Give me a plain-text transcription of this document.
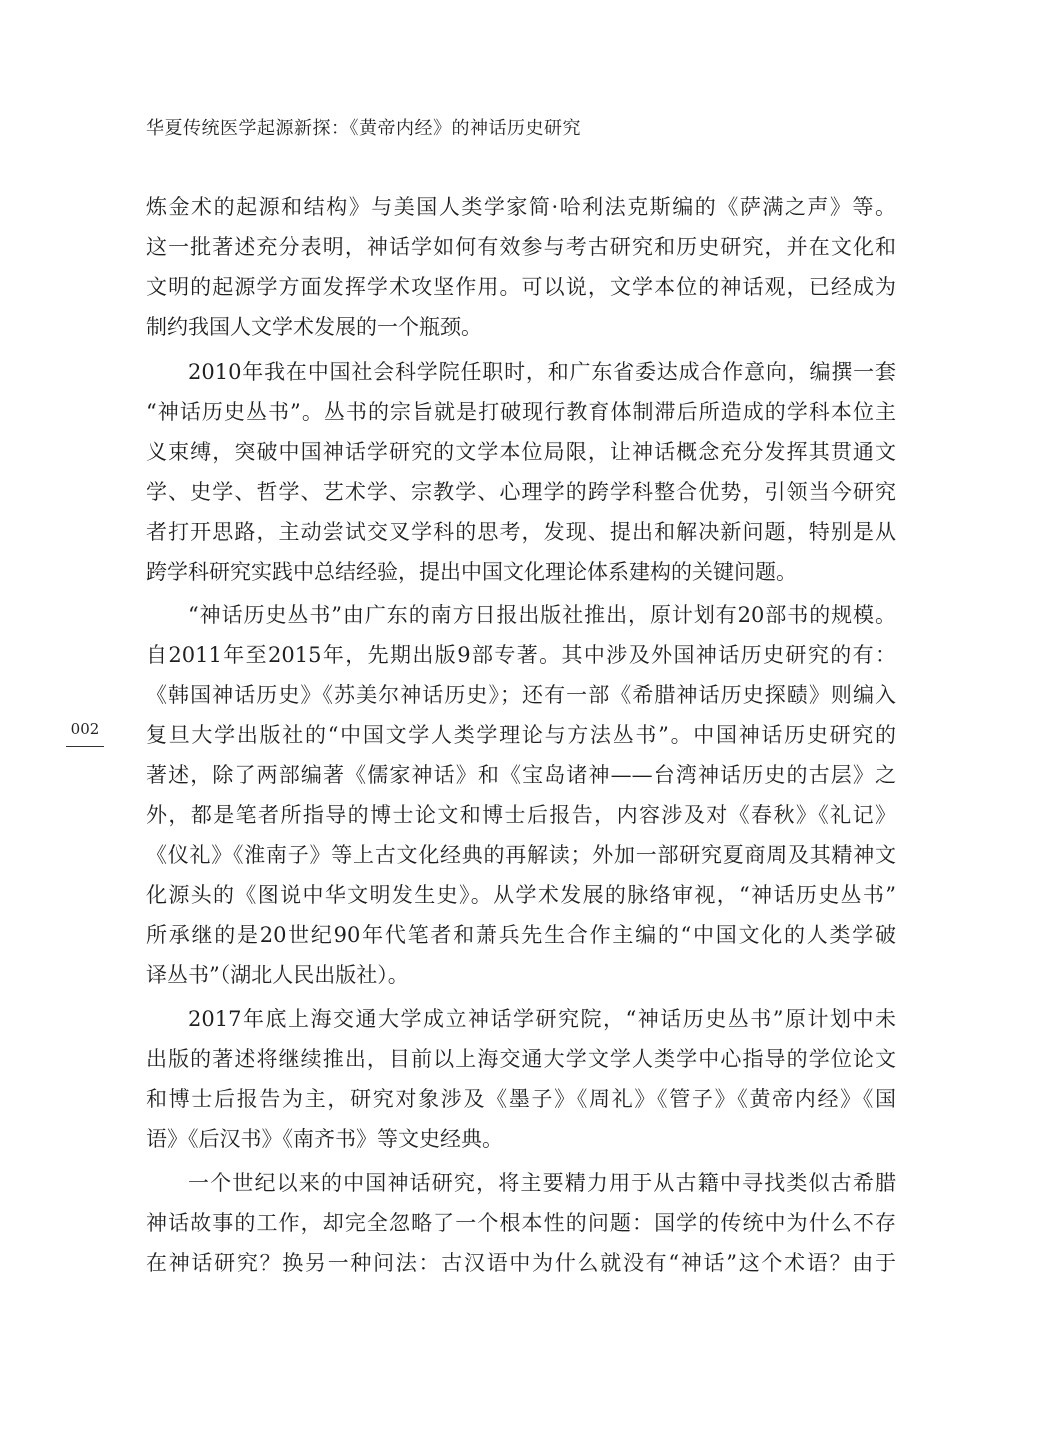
华夏传统医学起源新探：《黄帝内经》的神话历史研究
002
炼金术的起源和结构》与美国人类学家简·哈利法克斯编的《萨满之声》等。
这一批著述充分表明，神话学如何有效参与考古研究和历史研究，并在文化和
文明的起源学方面发挥学术攻坚作用。可以说，文学本位的神话观，已经成为
制约我国人文学术发展的一个瓶颈。
2010年我在中国社会科学院任职时，和广东省委达成合作意向，编撰一套
“神话历史丛书”。丛书的宗旨就是打破现行教育体制滞后所造成的学科本位主
义束缚，突破中国神话学研究的文学本位局限，让神话概念充分发挥其贯通文
学、史学、哲学、艺术学、宗教学、心理学的跨学科整合优势，引领当今研究
者打开思路，主动尝试交叉学科的思考，发现、提出和解决新问题，特别是从
跨学科研究实践中总结经验，提出中国文化理论体系建构的关键问题。
“神话历史丛书”由广东的南方日报出版社推出，原计划有20部书的规模。
自2011年至2015年，先期出版9部专著。其中涉及外国神话历史研究的有：
《韩国神话历史》《苏美尔神话历史》；还有一部《希腊神话历史探赜》则编入
复旦大学出版社的“中国文学人类学理论与方法丛书”。中国神话历史研究的
著述，除了两部编著《儒家神话》和《宝岛诸神——台湾神话历史的古层》之
外，都是笔者所指导的博士论文和博士后报告，内容涉及对《春秋》《礼记》
《仪礼》《淮南子》等上古文化经典的再解读；外加一部研究夏商周及其精神文
化源头的《图说中华文明发生史》。从学术发展的脉络审视，“神话历史丛书”
所承继的是20世纪90年代笔者和萧兵先生合作主编的“中国文化的人类学破
译丛书”（湖北人民出版社）。
2017年底上海交通大学成立神话学研究院，“神话历史丛书”原计划中未
出版的著述将继续推出，目前以上海交通大学文学人类学中心指导的学位论文
和博士后报告为主，研究对象涉及《墨子》《周礼》《管子》《黄帝内经》《国
语》《后汉书》《南齐书》等文史经典。
一个世纪以来的中国神话研究，将主要精力用于从古籍中寻找类似古希腊
神话故事的工作，却完全忽略了一个根本性的问题：国学的传统中为什么不存
在神话研究？换另一种问法：古汉语中为什么就没有“神话”这个术语？由于
